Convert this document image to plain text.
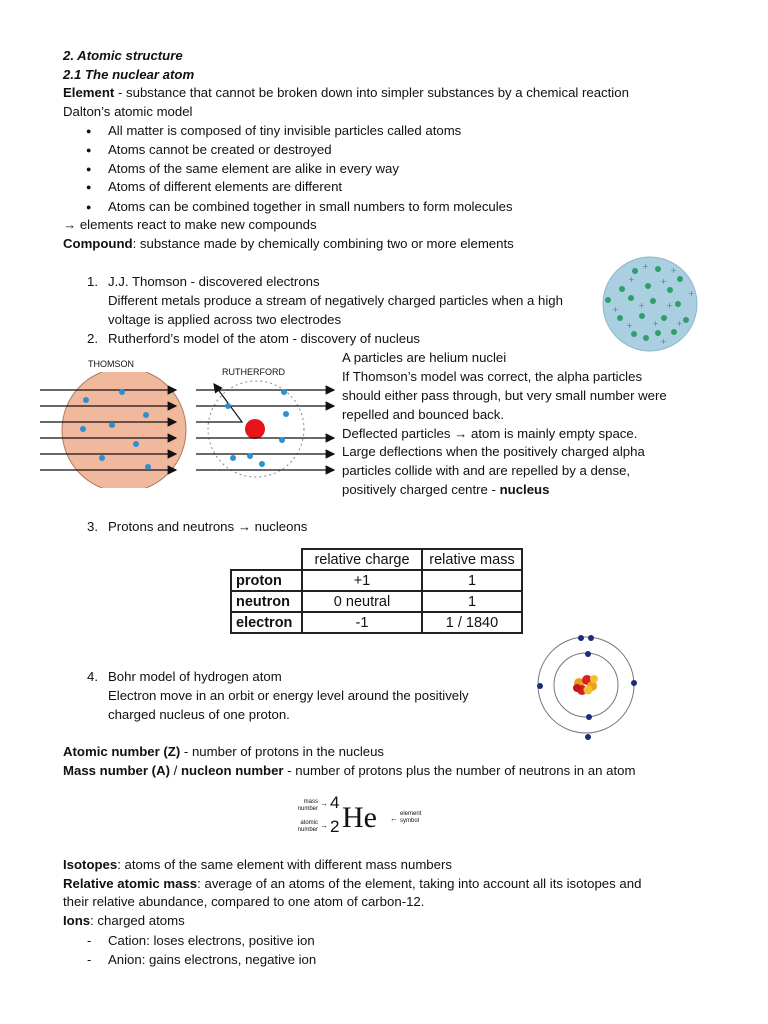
2. Atomic structure
2.1 The nuclear atom
Element - substance that cannot be broken down into simpler substances by a chemical reaction
Dalton’s atomic model
● All matter is composed of tiny invisible particles called atoms
● Atoms cannot be created or destroyed
● Atoms of the same element are alike in every way
● Atoms of different elements are different
● Atoms can be combined together in small numbers to form molecules
→ elements react to make new compounds
Compound: substance made by chemically combining two or more elements
1. J.J. Thomson - discovered electrons
Different metals produce a stream of negatively charged particles when a high
voltage is applied across two electrodes
+	+
+	+
+ +	+
+
+ + +
+
2. Rutherford’s model of the atom - discovery of nucleus
THOMSON
RUTHERFORD
A particles are helium nuclei
If Thomson’s model was correct, the alpha particles
should either pass through, but very small number were
repelled and bounced back.
Deflected particles → atom is mainly empty space.
Large deflections when the positively charged alpha
particles collide with and are repelled by a dense,
positively charged centre - nucleus
3. Protons and neutrons → nucleons
	relative charge	relative mass
proton	+1	1
neutron	0 neutral	1
electron	-1	1 / 1840
4. Bohr model of hydrogen atom
Electron move in an orbit or energy level around the positively
charged nucleus of one proton.
Atomic number (Z) - number of protons in the nucleus
Mass number (A) / nucleon number - number of protons plus the number of neutrons in an atom
mass
number
atomic
number
→
→
4
2 He ← element
symbol
Isotopes: atoms of the same element with different mass numbers
Relative atomic mass: average of an atoms of the element, taking into account all its isotopes and
their relative abundance, compared to one atom of carbon-12.
Ions: charged atoms
- Cation: loses electrons, positive ion
- Anion: gains electrons, negative ion
